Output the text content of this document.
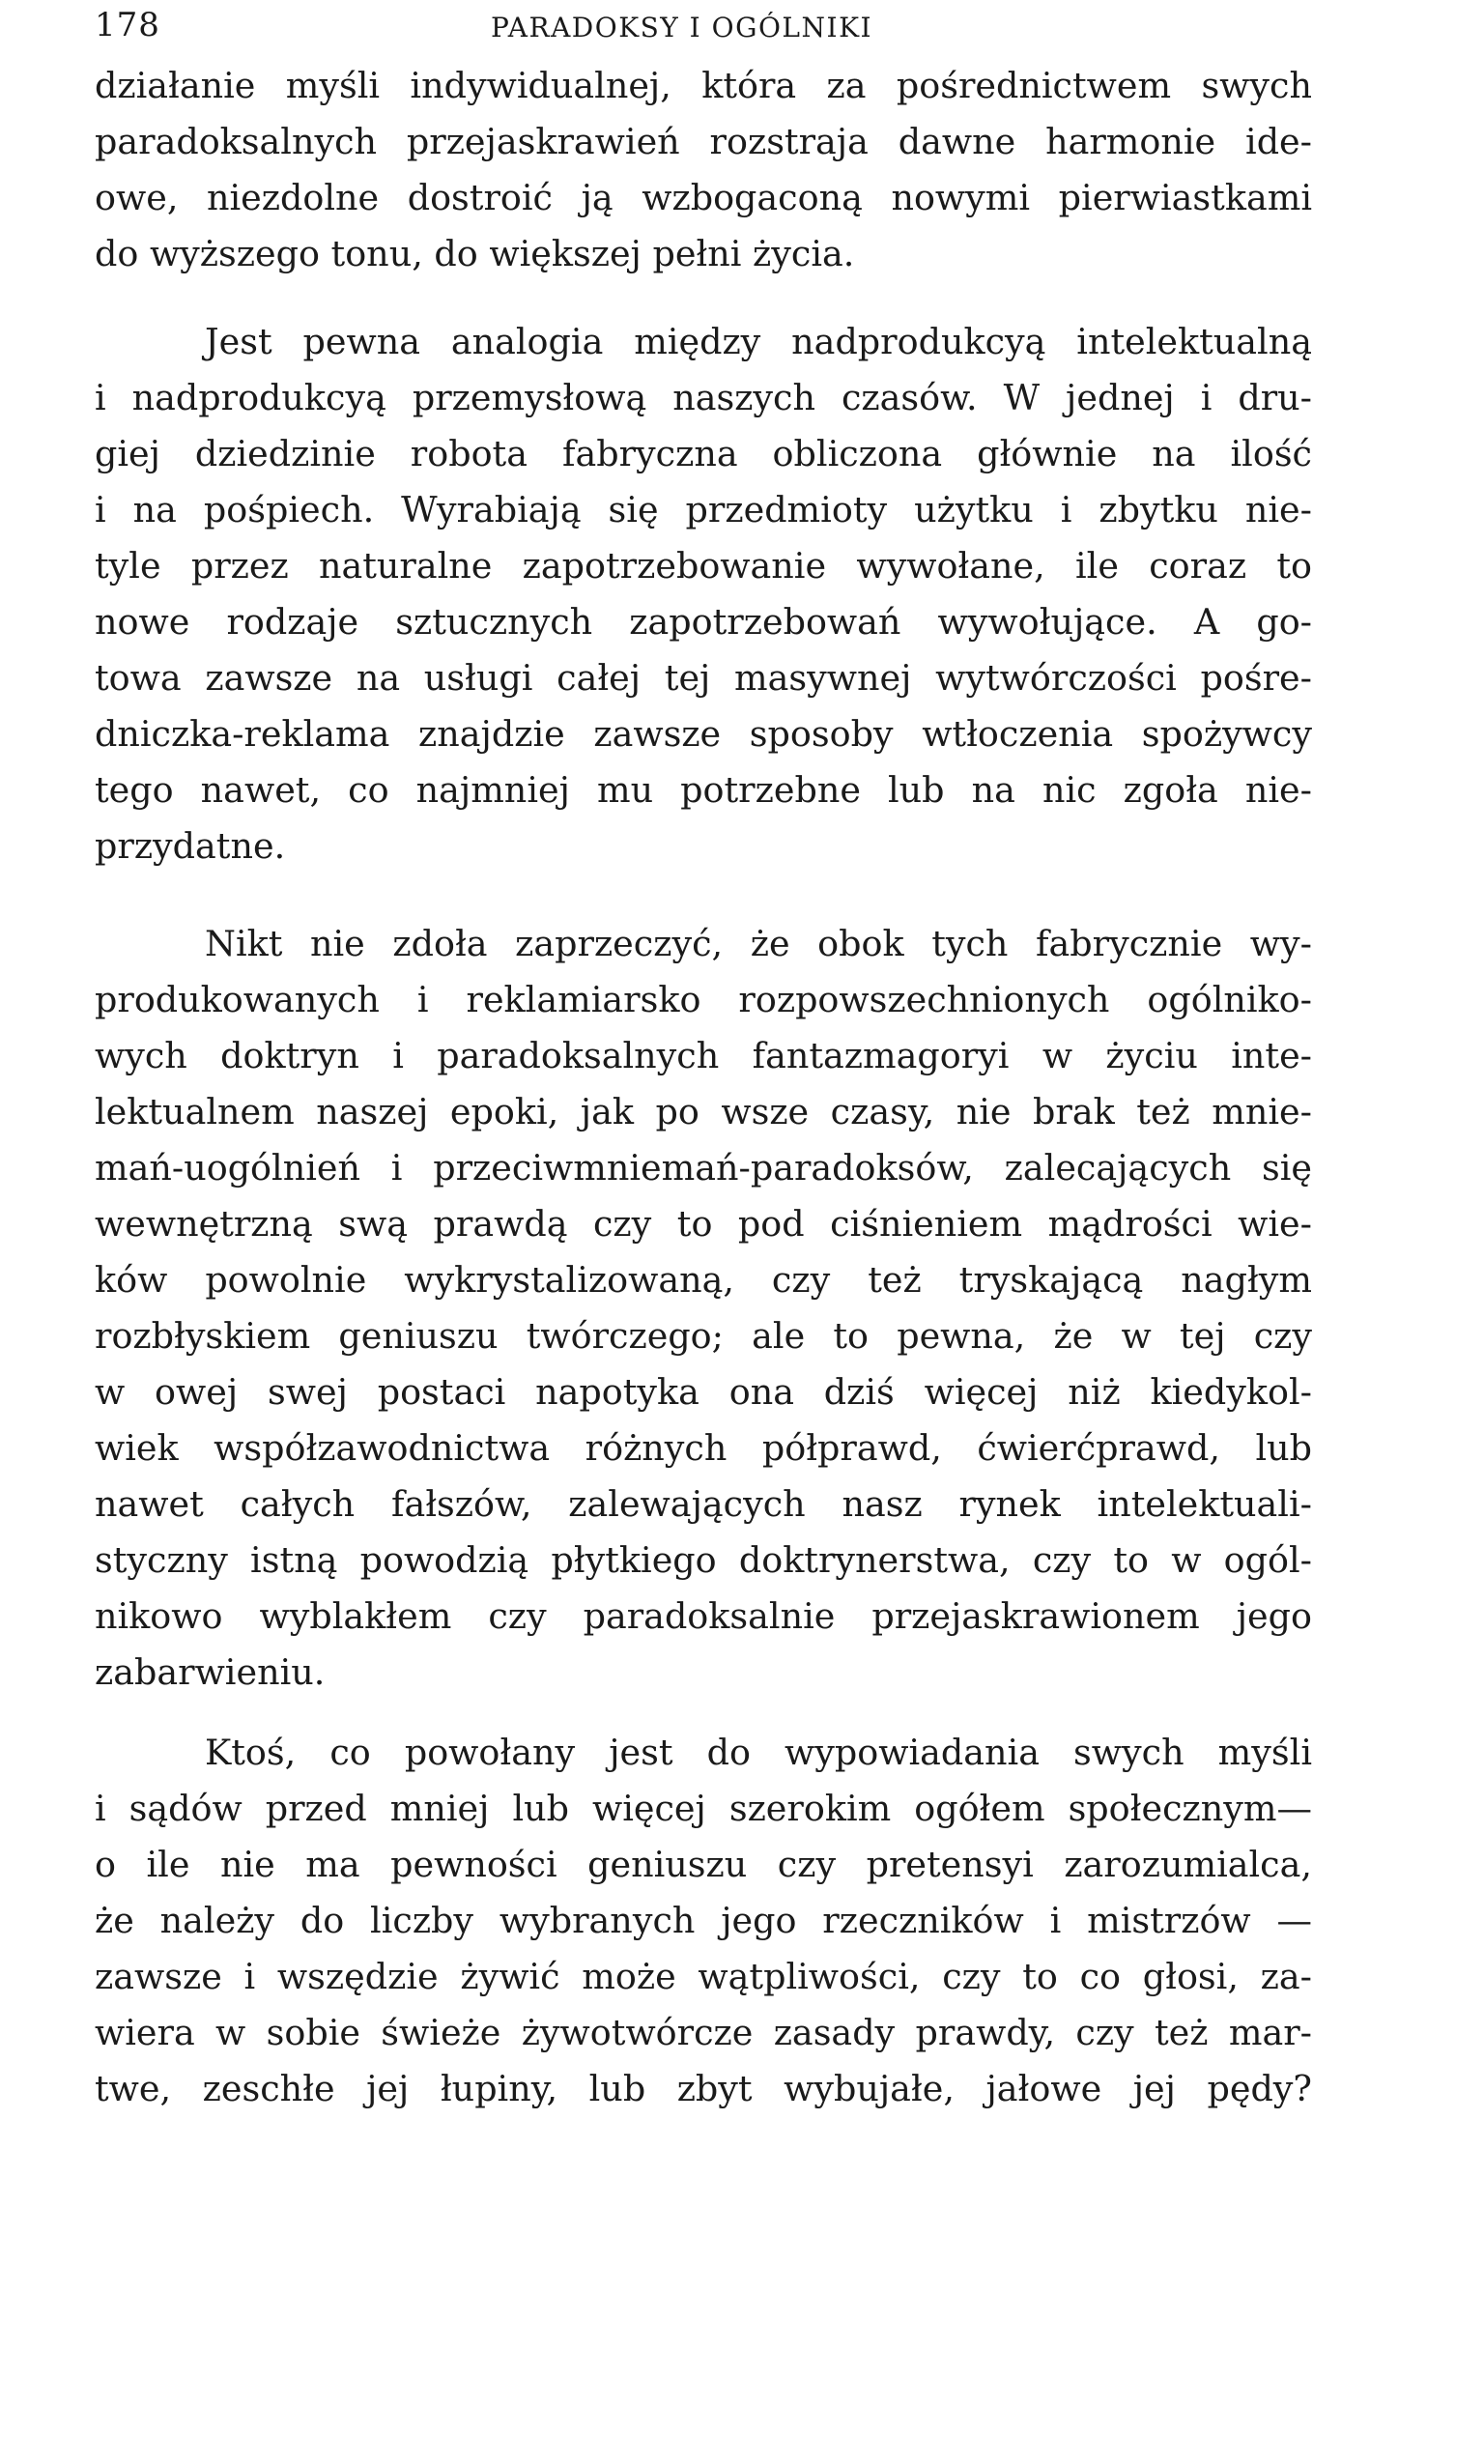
178	PARADOKSY I OGÓLNIKI
działanie myśli indywidualnej, która za pośrednictwem swych
paradoksalnych przejaskrawień rozstraja dawne harmonie ide-
owe, niezdolne dostroić ją wzbogaconą nowymi pierwiastkami
do wyższego tonu, do większej pełni życia.
Jest pewna analogia między nadprodukcyą intelektualną
i nadprodukcyą przemysłową naszych czasów. W jednej i dru-
giej dziedzinie robota fabryczna obliczona głównie na ilość
i na pośpiech. Wyrabiają się przedmioty użytku i zbytku nie-
tyle przez naturalne zapotrzebowanie wywołane, ile coraz to
nowe rodzaje sztucznych zapotrzebowań wywołujące. A go-
towa zawsze na usługi całej tej masywnej wytwórczości pośre-
dniczka-reklama znajdzie zawsze sposoby wtłoczenia spożywcy
tego nawet, co najmniej mu potrzebne lub na nic zgoła nie-
przydatne.
Nikt nie zdoła zaprzeczyć, że obok tych fabrycznie wy-
produkowanych i reklamiarsko rozpowszechnionych ogólniko-
wych doktryn i paradoksalnych fantazmagoryi w życiu inte-
lektualnem naszej epoki, jak po wsze czasy, nie brak też mnie-
mań-uogólnień i przeciwmniemań-paradoksów, zalecających się
wewnętrzną swą prawdą czy to pod ciśnieniem mądrości wie-
ków powolnie wykrystalizowaną, czy też tryskającą nagłym
rozbłyskiem geniuszu twórczego; ale to pewna, że w tej czy
w owej swej postaci napotyka ona dziś więcej niż kiedykol-
wiek współzawodnictwa różnych półprawd, ćwierćprawd, lub
nawet całych fałszów, zalewających nasz rynek intelektuali-
styczny istną powodzią płytkiego doktrynerstwa, czy to w ogól-
nikowo wyblakłem czy paradoksalnie przejaskrawionem jego
zabarwieniu.
Ktoś, co powołany jest do wypowiadania swych myśli
i sądów przed mniej lub więcej szerokim ogółem społecznym—
o ile nie ma pewności geniuszu czy pretensyi zarozumialca,
że należy do liczby wybranych jego rzeczników i mistrzów —
zawsze i wszędzie żywić może wątpliwości, czy to co głosi, za-
wiera w sobie świeże żywotwórcze zasady prawdy, czy też mar-
twe, zeschłe jej łupiny, lub zbyt wybujałe, jałowe jej pędy?
